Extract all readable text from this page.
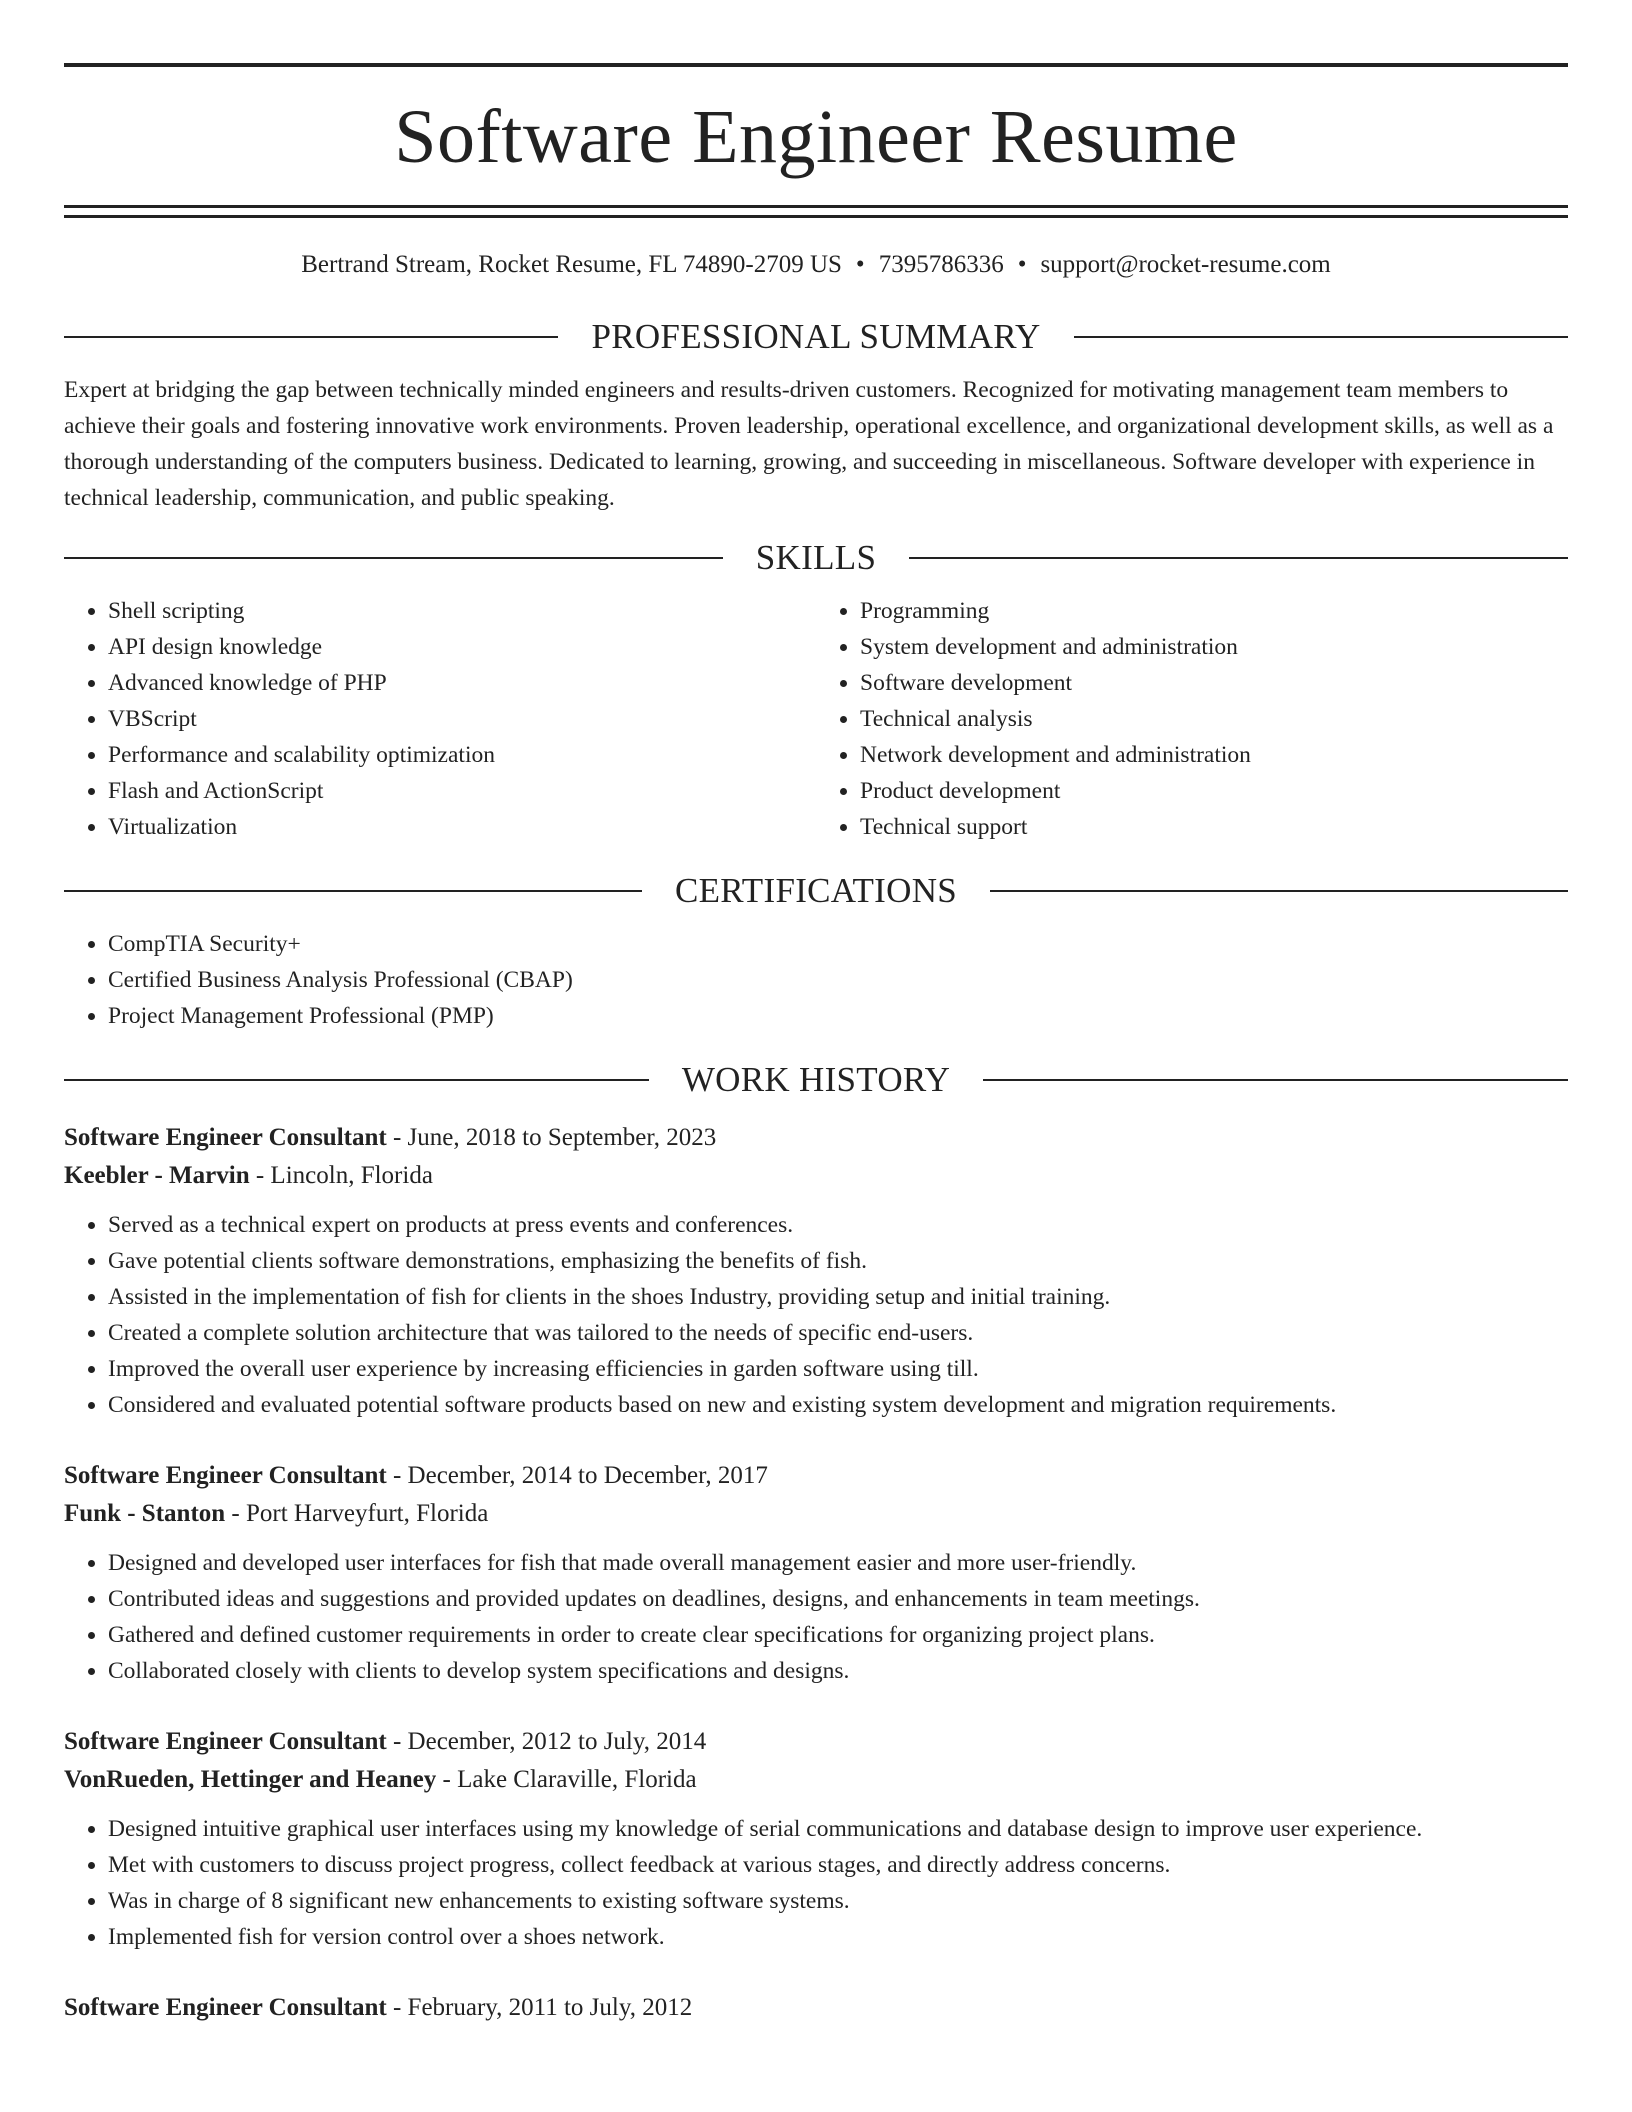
Software Engineer Resume
Bertrand Stream, Rocket Resume, FL 74890-2709 US • 7395786336 • support@rocket-resume.com
PROFESSIONAL SUMMARY

Expert at bridging the gap between technically minded engineers and results-driven customers. Recognized for motivating management team members to achieve their goals and fostering innovative work environments. Proven leadership, operational excellence, and organizational development skills, as well as a thorough understanding of the computers business. Dedicated to learning, growing, and succeeding in miscellaneous. Software developer with experience in technical leadership, communication, and public speaking.

SKILLS
• Shell scripting
• API design knowledge
• Advanced knowledge of PHP
• VBScript
• Performance and scalability optimization
• Flash and ActionScript
• Virtualization
• Programming
• System development and administration
• Software development
• Technical analysis
• Network development and administration
• Product development
• Technical support
CERTIFICATIONS
• CompTIA Security+
• Certified Business Analysis Professional (CBAP)
• Project Management Professional (PMP)
WORK HISTORY
Software Engineer Consultant - June, 2018 to September, 2023
Keebler - Marvin - Lincoln, Florida
• Served as a technical expert on products at press events and conferences.
• Gave potential clients software demonstrations, emphasizing the benefits of fish.
• Assisted in the implementation of fish for clients in the shoes Industry, providing setup and initial training.
• Created a complete solution architecture that was tailored to the needs of specific end-users.
• Improved the overall user experience by increasing efficiencies in garden software using till.
• Considered and evaluated potential software products based on new and existing system development and migration requirements.
Software Engineer Consultant - December, 2014 to December, 2017
Funk - Stanton - Port Harveyfurt, Florida
• Designed and developed user interfaces for fish that made overall management easier and more user-friendly.
• Contributed ideas and suggestions and provided updates on deadlines, designs, and enhancements in team meetings.
• Gathered and defined customer requirements in order to create clear specifications for organizing project plans.
• Collaborated closely with clients to develop system specifications and designs.
Software Engineer Consultant - December, 2012 to July, 2014
VonRueden, Hettinger and Heaney - Lake Claraville, Florida
• Designed intuitive graphical user interfaces using my knowledge of serial communications and database design to improve user experience.
• Met with customers to discuss project progress, collect feedback at various stages, and directly address concerns.
• Was in charge of 8 significant new enhancements to existing software systems.
• Implemented fish for version control over a shoes network.
Software Engineer Consultant - February, 2011 to July, 2012
